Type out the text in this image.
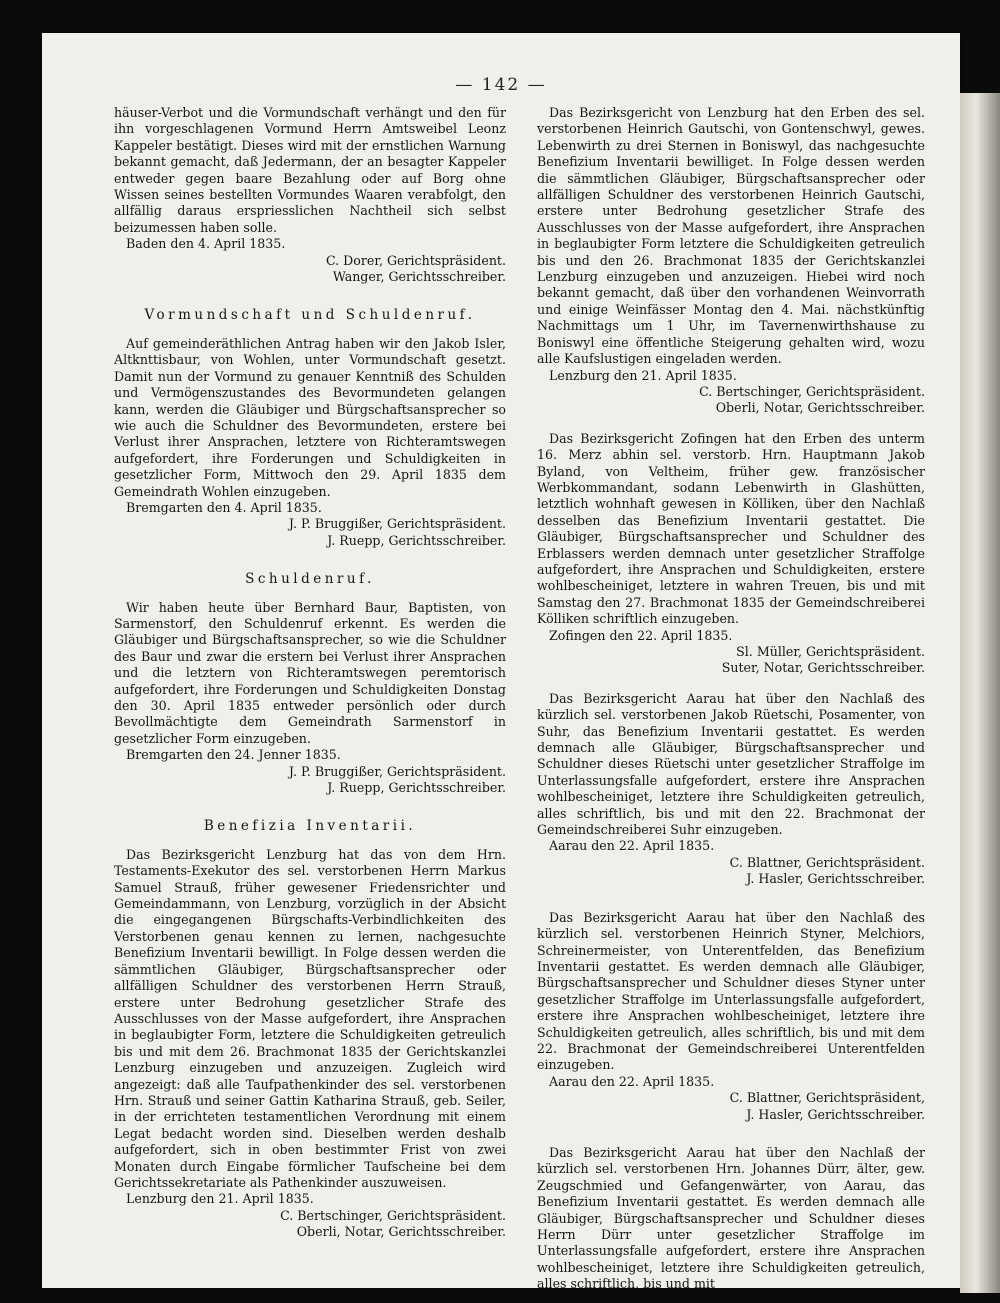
— 142 —

häuser-Verbot und die Vormundschaft verhängt und den für ihn vorgeschlagenen Vormund Herrn Amtsweibel Leonz Kappeler bestätigt. Dieses wird mit der ernstlichen Warnung bekannt gemacht, daß Jedermann, der an besagter Kappeler entweder gegen baare Bezahlung oder auf Borg ohne Wissen seines bestellten Vormundes Waaren verabfolgt, den allfällig daraus erspriesslichen Nachtheil sich selbst beizumessen haben solle.

Baden den 4. April 1835.

C. Dorer, Gerichtspräsident.

Wanger, Gerichtsschreiber.

Vormundschaft und Schuldenruf.

Auf gemeinderäthlichen Antrag haben wir den Jakob Isler, Altknttisbaur, von Wohlen, unter Vormundschaft gesetzt. Damit nun der Vormund zu genauer Kenntniß des Schulden und Vermögenszustandes des Bevormundeten gelangen kann, werden die Gläubiger und Bürgschaftsansprecher so wie auch die Schuldner des Bevormundeten, erstere bei Verlust ihrer Ansprachen, letztere von Richteramtswegen aufgefordert, ihre Forderungen und Schuldigkeiten in gesetzlicher Form, Mittwoch den 29. April 1835 dem Gemeindrath Wohlen einzugeben.

Bremgarten den 4. April 1835.

J. P. Bruggißer, Gerichtspräsident.

J. Ruepp, Gerichtsschreiber.

Schuldenruf.

Wir haben heute über Bernhard Baur, Baptisten, von Sarmenstorf, den Schuldenruf erkennt. Es werden die Gläubiger und Bürgschaftsansprecher, so wie die Schuldner des Baur und zwar die erstern bei Verlust ihrer Ansprachen und die letztern von Richteramtswegen peremtorisch aufgefordert, ihre Forderungen und Schuldigkeiten Donstag den 30. April 1835 entweder persönlich oder durch Bevollmächtigte dem Gemeindrath Sarmenstorf in gesetzlicher Form einzugeben.

Bremgarten den 24. Jenner 1835.

J. P. Bruggißer, Gerichtspräsident.

J. Ruepp, Gerichtsschreiber.

Benefizia Inventarii.

Das Bezirksgericht Lenzburg hat das von dem Hrn. Testaments-Exekutor des sel. verstorbenen Herrn Markus Samuel Strauß, früher gewesener Friedensrichter und Gemeindammann, von Lenzburg, vorzüglich in der Absicht die eingegangenen Bürgschafts-Verbindlichkeiten des Verstorbenen genau kennen zu lernen, nachgesuchte Benefizium Inventarii bewilligt. In Folge dessen werden die sämmtlichen Gläubiger, Bürgschaftsansprecher oder allfälligen Schuldner des verstorbenen Herrn Strauß, erstere unter Bedrohung gesetzlicher Strafe des Ausschlusses von der Masse aufgefordert, ihre Ansprachen in beglaubigter Form, letztere die Schuldigkeiten getreulich bis und mit dem 26. Brachmonat 1835 der Gerichtskanzlei Lenzburg einzugeben und anzuzeigen. Zugleich wird angezeigt: daß alle Taufpathenkinder des sel. verstorbenen Hrn. Strauß und seiner Gattin Katharina Strauß, geb. Seiler, in der errichteten testamentlichen Verordnung mit einem Legat bedacht worden sind. Dieselben werden deshalb aufgefordert, sich in oben bestimmter Frist von zwei Monaten durch Eingabe förmlicher Taufscheine bei dem Gerichtssekretariate als Pathenkinder auszuweisen.

Lenzburg den 21. April 1835.

C. Bertschinger, Gerichtspräsident.

Oberli, Notar, Gerichtsschreiber.

Das Bezirksgericht von Lenzburg hat den Erben des sel. verstorbenen Heinrich Gautschi, von Gontenschwyl, gewes. Lebenwirth zu drei Sternen in Boniswyl, das nachgesuchte Benefizium Inventarii bewilliget. In Folge dessen werden die sämmtlichen Gläubiger, Bürgschaftsansprecher oder allfälligen Schuldner des verstorbenen Heinrich Gautschi, erstere unter Bedrohung gesetzlicher Strafe des Ausschlusses von der Masse aufgefordert, ihre Ansprachen in beglaubigter Form letztere die Schuldigkeiten getreulich bis und den 26. Brachmonat 1835 der Gerichtskanzlei Lenzburg einzugeben und anzuzeigen. Hiebei wird noch bekannt gemacht, daß über den vorhandenen Weinvorrath und einige Weinfässer Montag den 4. Mai. nächstkünftig Nachmittags um 1 Uhr, im Tavernenwirthshause zu Boniswyl eine öffentliche Steigerung gehalten wird, wozu alle Kaufslustigen eingeladen werden.

Lenzburg den 21. April 1835.

C. Bertschinger, Gerichtspräsident.

Oberli, Notar, Gerichtsschreiber.

Das Bezirksgericht Zofingen hat den Erben des unterm 16. Merz abhin sel. verstorb. Hrn. Hauptmann Jakob Byland, von Veltheim, früher gew. französischer Werbkommandant, sodann Lebenwirth in Glashütten, letztlich wohnhaft gewesen in Kölliken, über den Nachlaß desselben das Benefizium Inventarii gestattet. Die Gläubiger, Bürgschaftsansprecher und Schuldner des Erblassers werden demnach unter gesetzlicher Straffolge aufgefordert, ihre Ansprachen und Schuldigkeiten, erstere wohlbescheiniget, letztere in wahren Treuen, bis und mit Samstag den 27. Brachmonat 1835 der Gemeindschreiberei Kölliken schriftlich einzugeben.

Zofingen den 22. April 1835.

Sl. Müller, Gerichtspräsident.

Suter, Notar, Gerichtsschreiber.

Das Bezirksgericht Aarau hat über den Nachlaß des kürzlich sel. verstorbenen Jakob Rüetschi, Posamenter, von Suhr, das Benefizium Inventarii gestattet. Es werden demnach alle Gläubiger, Bürgschaftsansprecher und Schuldner dieses Rüetschi unter gesetzlicher Straffolge im Unterlassungsfalle aufgefordert, erstere ihre Ansprachen wohlbescheiniget, letztere ihre Schuldigkeiten getreulich, alles schriftlich, bis und mit den 22. Brachmonat der Gemeindschreiberei Suhr einzugeben.

Aarau den 22. April 1835.

C. Blattner, Gerichtspräsident.

J. Hasler, Gerichtsschreiber.

Das Bezirksgericht Aarau hat über den Nachlaß des kürzlich sel. verstorbenen Heinrich Styner, Melchiors, Schreinermeister, von Unterentfelden, das Benefizium Inventarii gestattet. Es werden demnach alle Gläubiger, Bürgschaftsansprecher und Schuldner dieses Styner unter gesetzlicher Straffolge im Unterlassungsfalle aufgefordert, erstere ihre Ansprachen wohlbescheiniget, letztere ihre Schuldigkeiten getreulich, alles schriftlich, bis und mit dem 22. Brachmonat der Gemeindschreiberei Unterentfelden einzugeben.

Aarau den 22. April 1835.

C. Blattner, Gerichtspräsident,

J. Hasler, Gerichtsschreiber.

Das Bezirksgericht Aarau hat über den Nachlaß der kürzlich sel. verstorbenen Hrn. Johannes Dürr, älter, gew. Zeugschmied und Gefangenwärter, von Aarau, das Benefizium Inventarii gestattet. Es werden demnach alle Gläubiger, Bürgschaftsansprecher und Schuldner dieses Herrn Dürr unter gesetzlicher Straffolge im Unterlassungsfalle aufgefordert, erstere ihre Ansprachen wohlbescheiniget, letztere ihre Schuldigkeiten getreulich, alles schriftlich, bis und mit
